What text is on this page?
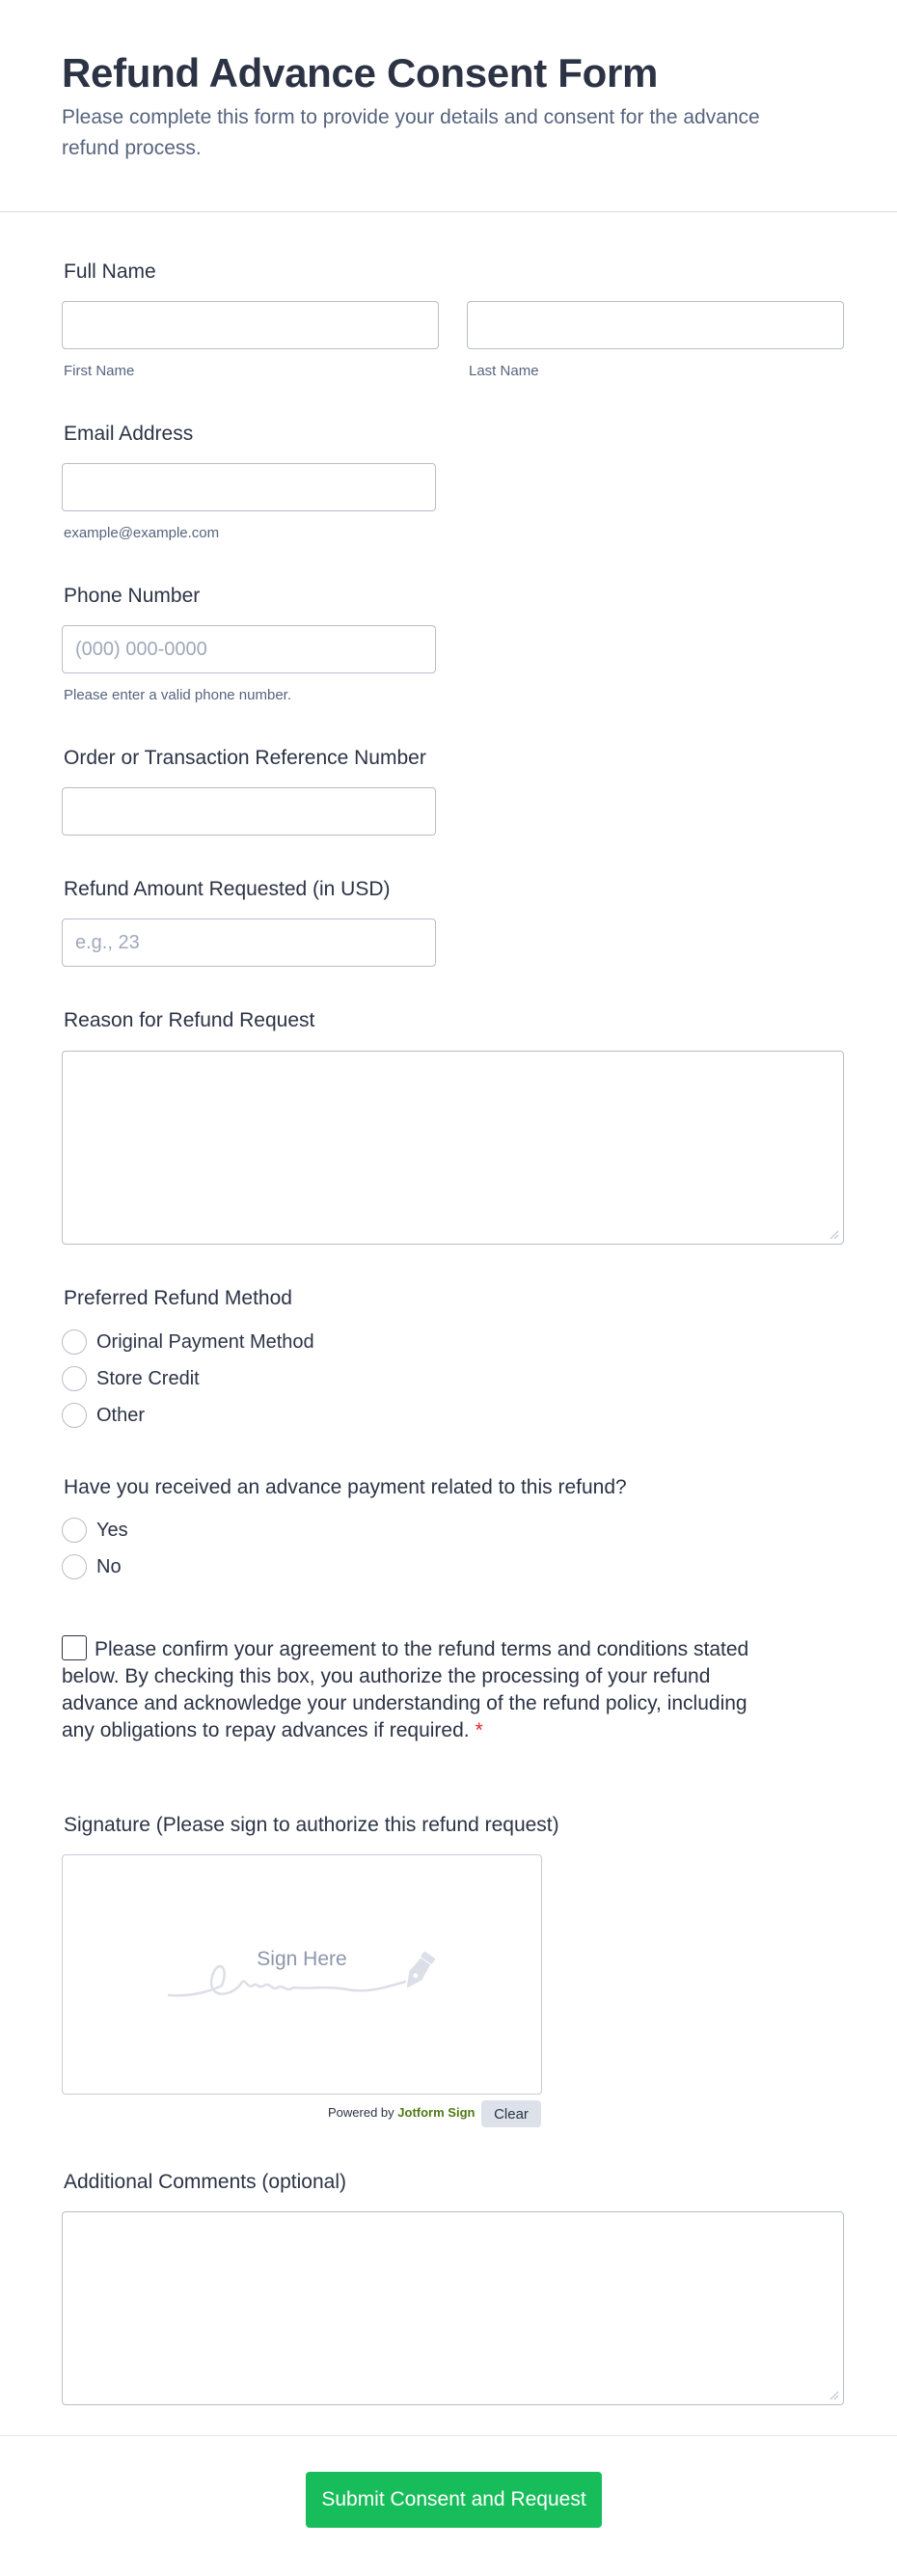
Refund Advance Consent Form

Please complete this form to provide your details and consent for the advance refund process.

Full Name
First Name	Last Name
Email Address
example@example.com
Phone Number
(000) 000-0000
Please enter a valid phone number.
Order or Transaction Reference Number
Refund Amount Requested (in USD)
e.g., 23
Reason for Refund Request
Preferred Refund Method
Original Payment Method
Store Credit
Other
Have you received an advance payment related to this refund?
Yes
No
Please confirm your agreement to the refund terms and conditions stated below. By checking this box, you authorize the processing of your refund advance and acknowledge your understanding of the refund policy, including any obligations to repay advances if required. *
Signature (Please sign to authorize this refund request)
Sign Here
Powered by Jotform Sign	Clear
Additional Comments (optional)
Submit Consent and Request
